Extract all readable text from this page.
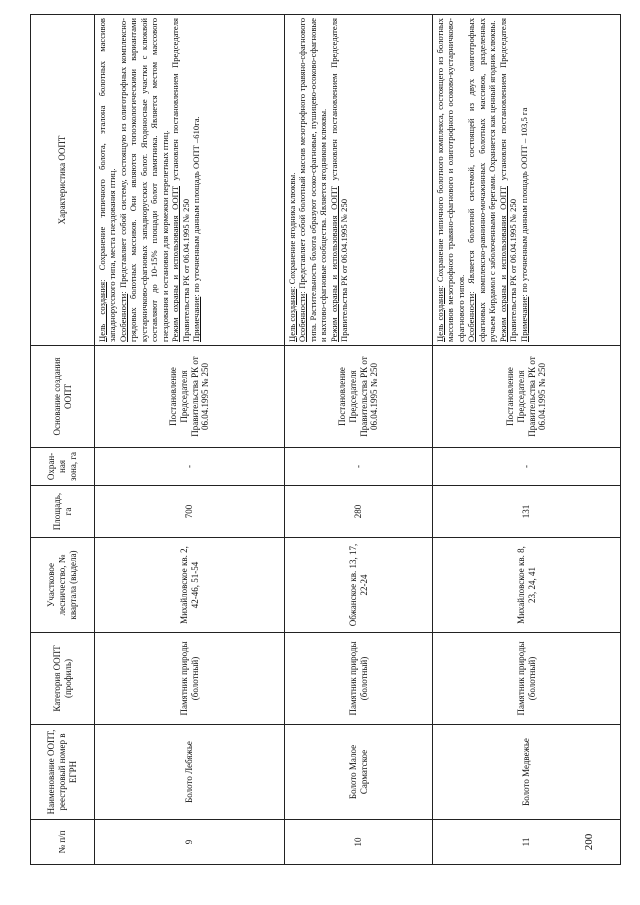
№ п/п	Наименование ООПТ, реестровый номер в ЕГРН	Категория ООПТ (профиль)	Участковое лесничество, № квартала (выдела)	Площадь, га	Охран-ная зона, га	Основание создания ООПТ	Характеристика ООПТ
9	Болото Лебяжье	Памятник природы (болотный)	Михайловское кв. 2, 42-46, 51-54	700	-	Постановление Председателя Правительства РК от 06.04.1995 № 250	Цель создания: Сохранение типичного болота, эталона болотных массивов западнорусского типа, места гнездования птиц. Особенности: Представляет собой систему, состоящую из олиготрофных комплексно-грядовых болотных массивов. Они являются топоэкологическими вариантами кустарничково-сфагновых западнорусских болот. Ягодоносные участки с клюквой составляют до 10-15% площади болот памятника. Является местом массового гнездования и остановки для кормежки перелетных птиц. Режим охраны и использования ООПТ установлен постановлением Председателя Правительства РК от 06.04.1995 № 250 Примечание: по уточненным данным площадь ООПТ –610га.

10	Болото Малое Сарматское	Памятник природы (болотный)	Обжанское кв. 13, 17, 22-24	280	-	Постановление Председателя Правительства РК от 06.04.1995 № 250	Цель создания: Сохранение ягодника клюквы.

Особенности: Представляет собой болотный массив мезотрофного травяно-сфагнового типа. Растительность болота образуют осоко-сфагновые, пушицево-осоково-сфагновые и вахтово-сфагновые сообщества. Является ягодником клюквы. Режим охраны и использования ООПТ установлен постановлением Председателя Правительства РК от 06.04.1995 № 250

11	Болото Медвежье	Памятник природы (болотный)	Михайловское кв. 8, 23, 24, 41	131	-	Постановление Председателя Правительства РК от 06.04.1995 № 250	Цель создания: Сохранение типичного болотного комплекса, состоящего из болотных массивов мезотрофного травяно-сфагнового и олиготрофного осоково-кустарничково-сфагнового типов. Особенности: Является болотной системой, состоящей из двух олиготрофных сфагновых комплексно-равнинно-мочажинных болотных массивов, разделенных ручьем Кирдамол с заболоченными берегами. Охраняется как ценный ягодник клюквы. Режим охраны и использования ООПТ установлен постановлением Председателя Правительства РК от 06.04.1995 № 250 Примечание: по уточненным данным площадь ООПТ – 103,5 га

200
